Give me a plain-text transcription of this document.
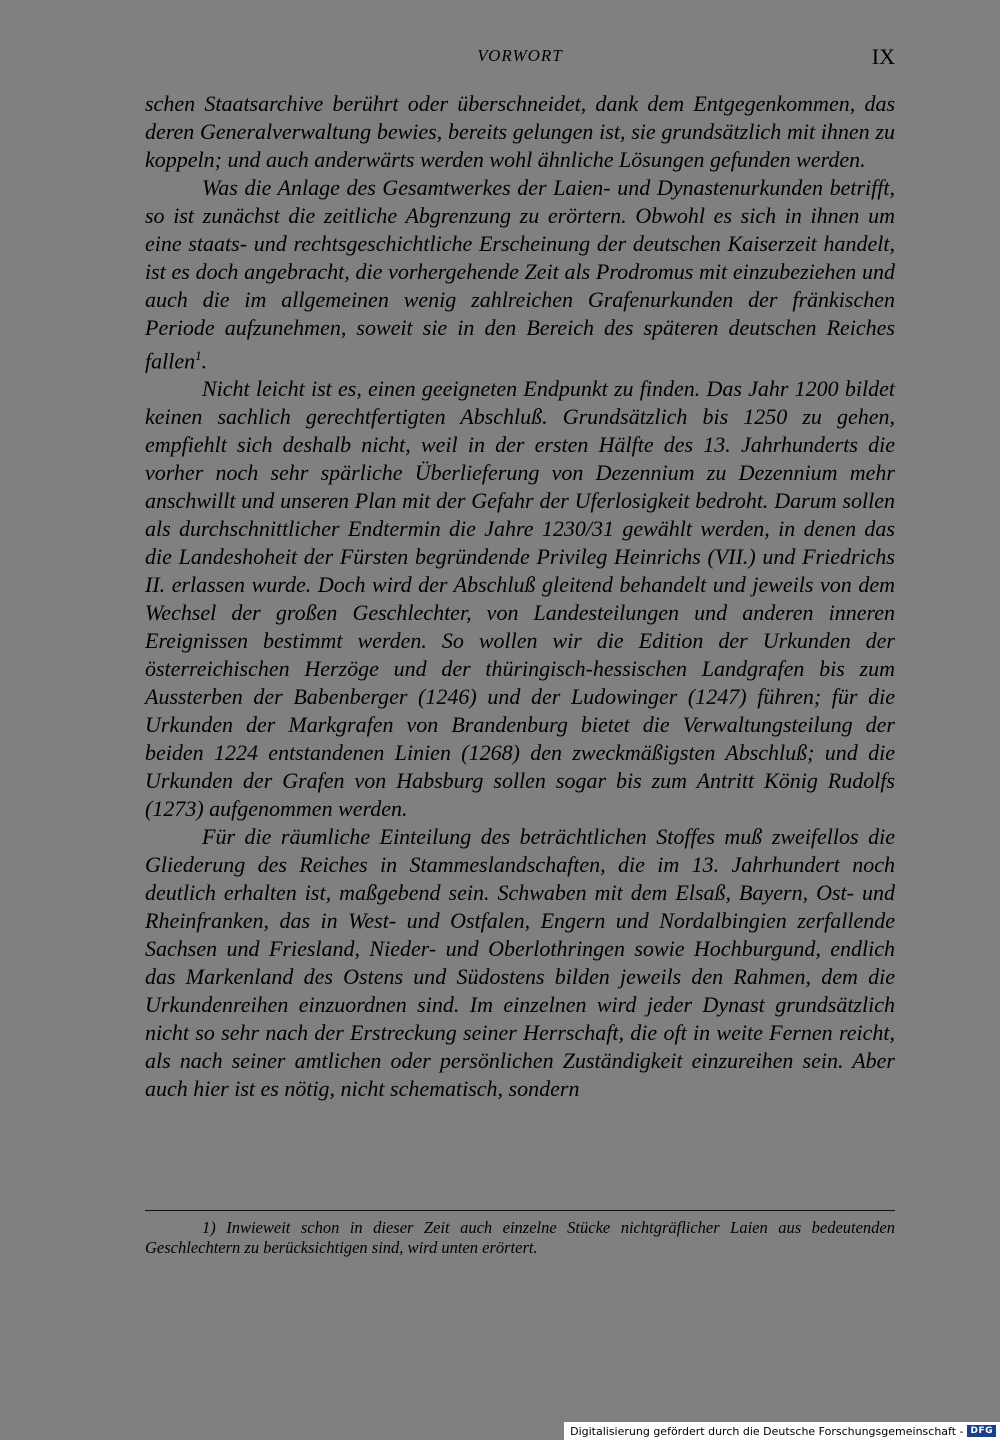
VORWORT	IX

schen Staatsarchive berührt oder überschneidet, dank dem Entgegenkommen, das deren Generalverwaltung bewies, bereits gelungen ist, sie grundsätzlich mit ihnen zu koppeln; und auch anderwärts werden wohl ähnliche Lösungen gefunden werden.

Was die Anlage des Gesamtwerkes der Laien- und Dynastenurkunden betrifft, so ist zunächst die zeitliche Abgrenzung zu erörtern. Obwohl es sich in ihnen um eine staats- und rechtsgeschichtliche Erscheinung der deutschen Kaiserzeit handelt, ist es doch angebracht, die vorhergehende Zeit als Prodromus mit einzubeziehen und auch die im allgemeinen wenig zahlreichen Grafenurkunden der fränkischen Periode aufzunehmen, soweit sie in den Bereich des späteren deutschen Reiches fallen$^1$.

Nicht leicht ist es, einen geeigneten Endpunkt zu finden. Das Jahr 1200 bildet keinen sachlich gerechtfertigten Abschluß. Grundsätzlich bis 1250 zu gehen, empfiehlt sich deshalb nicht, weil in der ersten Hälfte des 13. Jahrhunderts die vorher noch sehr spärliche Überlieferung von Dezennium zu Dezennium mehr anschwillt und unseren Plan mit der Gefahr der Uferlosigkeit bedroht. Darum sollen als durchschnittlicher Endtermin die Jahre 1230/31 gewählt werden, in denen das die Landeshoheit der Fürsten begründende Privileg Heinrichs (VII.) und Friedrichs II. erlassen wurde. Doch wird der Abschluß gleitend behandelt und jeweils von dem Wechsel der großen Geschlechter, von Landesteilungen und anderen inneren Ereignissen bestimmt werden. So wollen wir die Edition der Urkunden der österreichischen Herzöge und der thüringisch-hessischen Landgrafen bis zum Aussterben der Babenberger (1246) und der Ludowinger (1247) führen; für die Urkunden der Markgrafen von Brandenburg bietet die Verwaltungsteilung der beiden 1224 entstandenen Linien (1268) den zweckmäßigsten Abschluß; und die Urkunden der Grafen von Habsburg sollen sogar bis zum Antritt König Rudolfs (1273) aufgenommen werden.

Für die räumliche Einteilung des beträchtlichen Stoffes muß zweifellos die Gliederung des Reiches in Stammeslandschaften, die im 13. Jahrhundert noch deutlich erhalten ist, maßgebend sein. Schwaben mit dem Elsaß, Bayern, Ost- und Rheinfranken, das in West- und Ostfalen, Engern und Nordalbingien zerfallende Sachsen und Friesland, Nieder- und Oberlothringen sowie Hochburgund, endlich das Markenland des Ostens und Südostens bilden jeweils den Rahmen, dem die Urkundenreihen einzuordnen sind. Im einzelnen wird jeder Dynast grundsätzlich nicht so sehr nach der Erstreckung seiner Herrschaft, die oft in weite Fernen reicht, als nach seiner amtlichen oder persönlichen Zuständigkeit einzureihen sein. Aber auch hier ist es nötig, nicht schematisch, sondern

1) Inwieweit schon in dieser Zeit auch einzelne Stücke nichtgräflicher Laien aus bedeutenden Geschlechtern zu berücksichtigen sind, wird unten erörtert.
Digitalisierung gefördert durch die Deutsche Forschungsgemeinschaft - DFG
